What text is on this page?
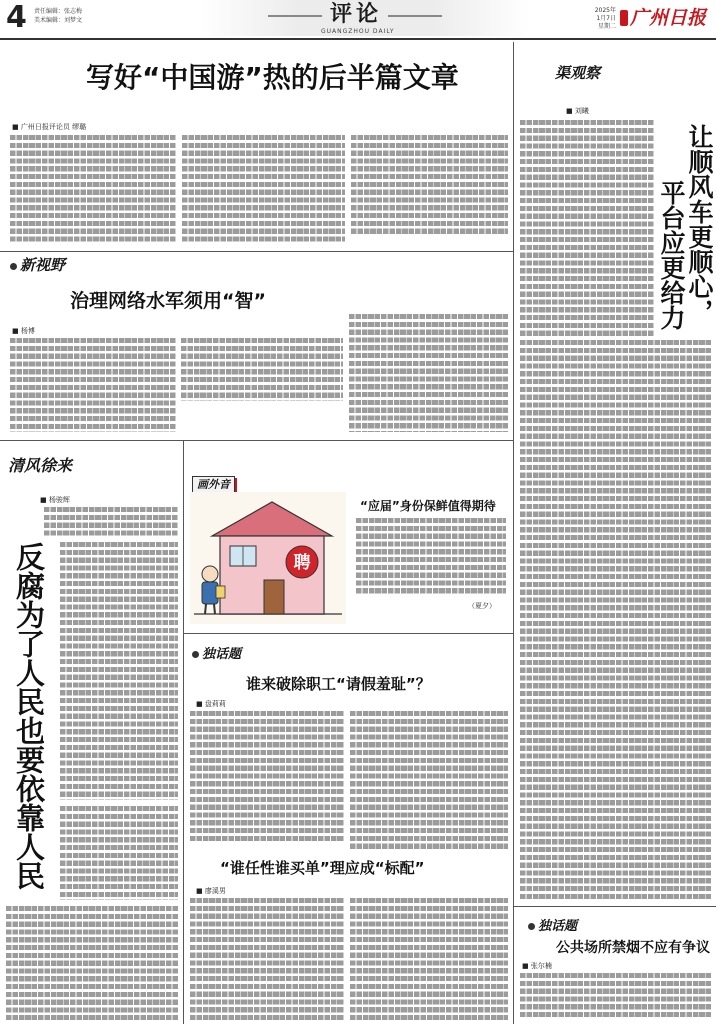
4 责任编辑：张志梅
美术编辑：刘梦文	评论
GUANGZHOU DAILY
2025年
1月7日
星期二 广州日报
写好“中国游”热的后半篇文章
■ 广州日报评论员 缪璐
新视野
治理网络水军须用“智”
■ 杨博
清风徐来
■ 杨骏辉
反腐为了人民也要依靠人民
画外音
聘
“应届”身份保鲜值得期待
（夏夕）
独话题
谁来破除职工“请假羞耻”？
■ 盘莉莉
“谁任性谁买单”理应成“标配”
■ 廖溪男
渠观察
■ 刘曦
让顺风车更顺心，
平台应更给力
独话题
公共场所禁烟不应有争议
■ 张尔楠
